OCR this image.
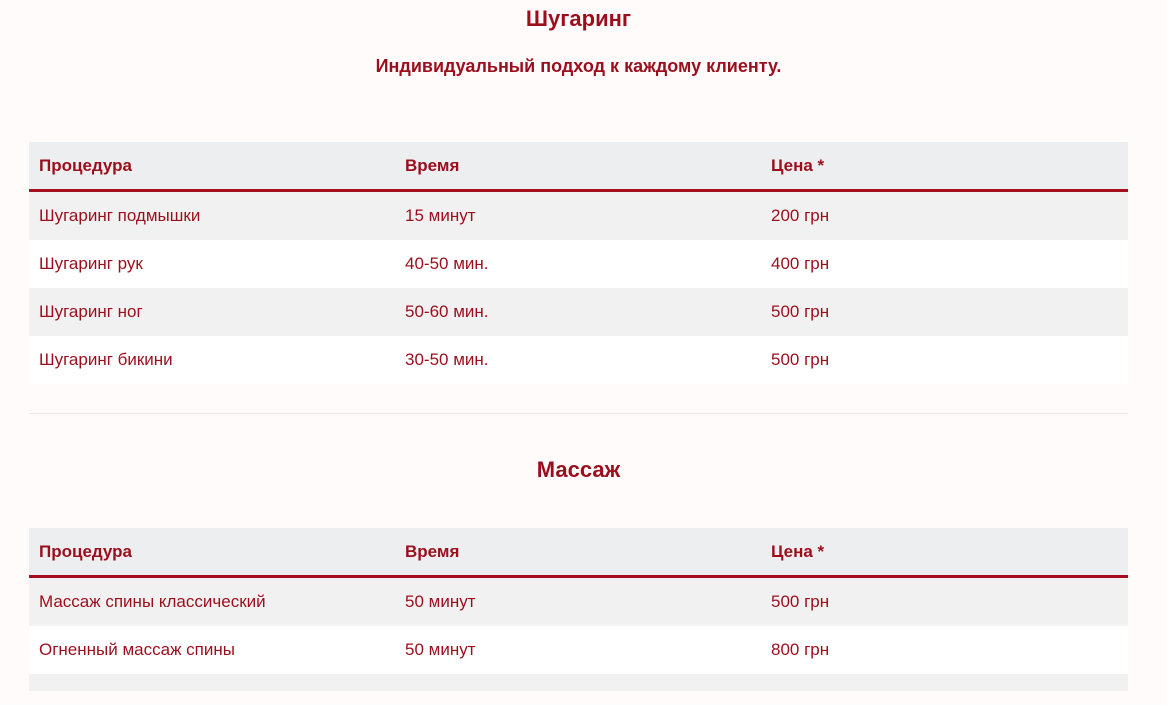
Шугаринг

Индивидуальный подход к каждому клиенту.

Процедура	Время	Цена *
Шугаринг подмышки	15 минут	200 грн
Шугаринг рук	40-50 мин.	400 грн
Шугаринг ног	50-60 мин.	500 грн
Шугаринг бикини	30-50 мин.	500 грн
Массаж
Процедура	Время	Цена *
Массаж спины классический	50 минут	500 грн
Огненный массаж спины	50 минут	800 грн
